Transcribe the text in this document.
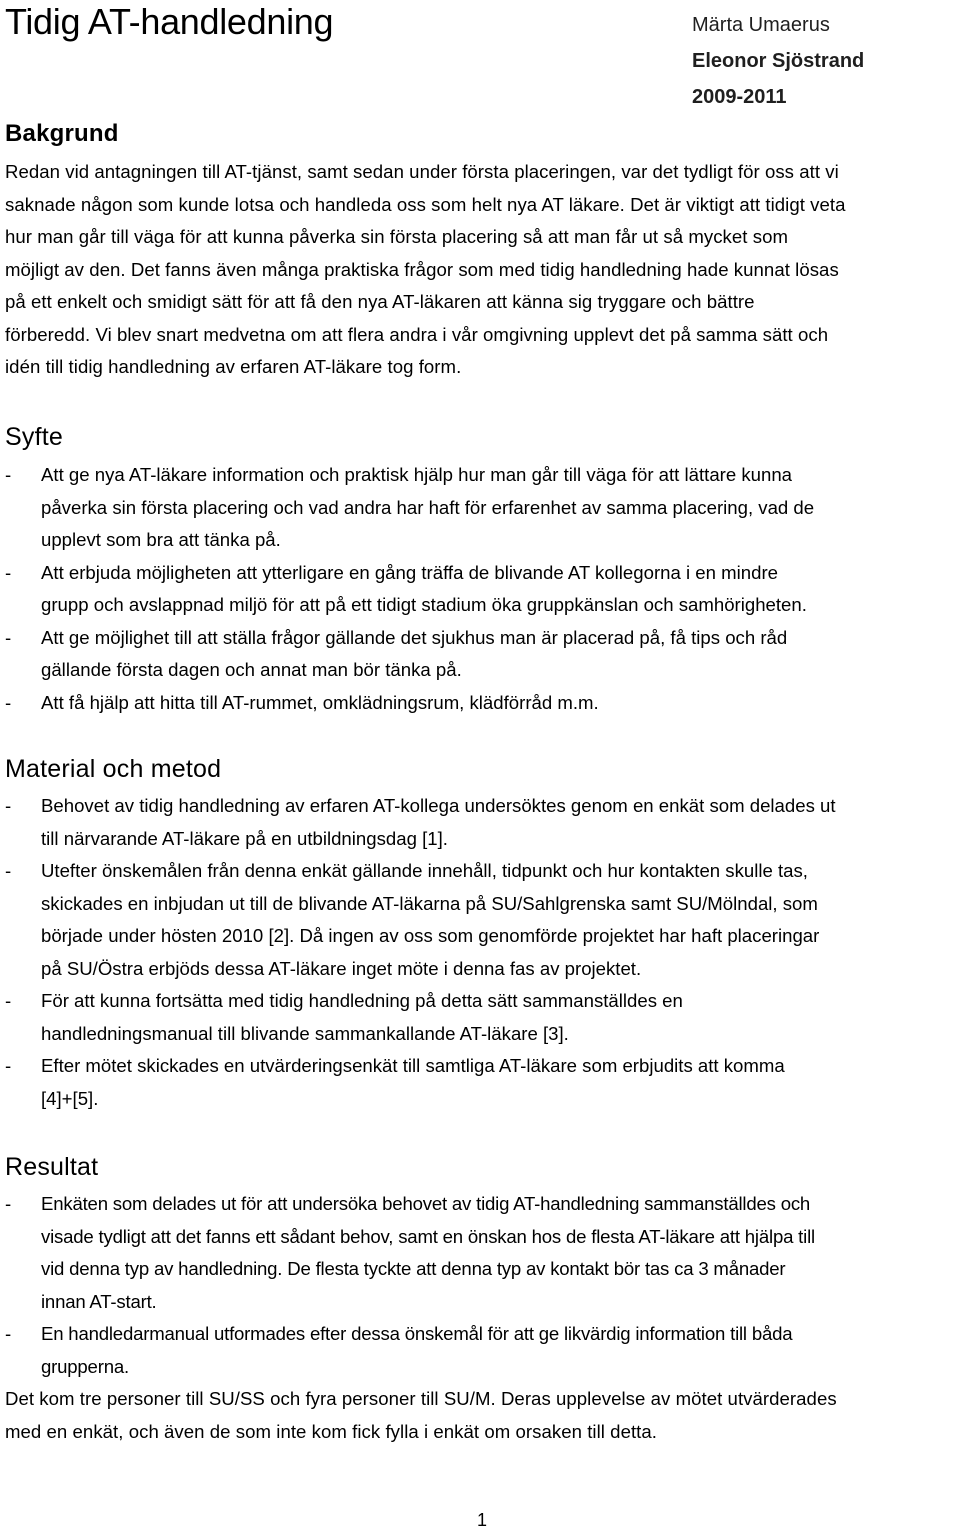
Tidig AT-handledning	Märta Umaerus
Eleonor Sjöstrand
2009-2011
Bakgrund

Redan vid antagningen till AT-tjänst, samt sedan under första placeringen, var det tydligt för oss att vi
saknade någon som kunde lotsa och handleda oss som helt nya AT läkare. Det är viktigt att tidigt veta
hur man går till väga för att kunna påverka sin första placering så att man får ut så mycket som
möjligt av den. Det fanns även många praktiska frågor som med tidig handledning hade kunnat lösas
på ett enkelt och smidigt sätt för att få den nya AT-läkaren att känna sig tryggare och bättre
förberedd. Vi blev snart medvetna om att flera andra i vår omgivning upplevt det på samma sätt och
idén till tidig handledning av erfaren AT-läkare tog form.

Syfte
- Att ge nya AT-läkare information och praktisk hjälp hur man går till väga för att lättare kunna
påverka sin första placering och vad andra har haft för erfarenhet av samma placering, vad de
upplevt som bra att tänka på.
- Att erbjuda möjligheten att ytterligare en gång träffa de blivande AT kollegorna i en mindre
grupp och avslappnad miljö för att på ett tidigt stadium öka gruppkänslan och samhörigheten.
- Att ge möjlighet till att ställa frågor gällande det sjukhus man är placerad på, få tips och råd
gällande första dagen och annat man bör tänka på.
- Att få hjälp att hitta till AT-rummet, omklädningsrum, klädförråd m.m.
Material och metod
- Behovet av tidig handledning av erfaren AT-kollega undersöktes genom en enkät som delades ut
till närvarande AT-läkare på en utbildningsdag [1].
- Utefter önskemålen från denna enkät gällande innehåll, tidpunkt och hur kontakten skulle tas,
skickades en inbjudan ut till de blivande AT-läkarna på SU/Sahlgrenska samt SU/Mölndal, som
började under hösten 2010 [2]. Då ingen av oss som genomförde projektet har haft placeringar
på SU/Östra erbjöds dessa AT-läkare inget möte i denna fas av projektet.
- För att kunna fortsätta med tidig handledning på detta sätt sammanställdes en
handledningsmanual till blivande sammankallande AT-läkare [3].
- Efter mötet skickades en utvärderingsenkät till samtliga AT-läkare som erbjudits att komma
[4]+[5].
Resultat
- Enkäten som delades ut för att undersöka behovet av tidig AT-handledning sammanställdes och
visade tydligt att det fanns ett sådant behov, samt en önskan hos de flesta AT-läkare att hjälpa till
vid denna typ av handledning. De flesta tyckte att denna typ av kontakt bör tas ca 3 månader
innan AT-start.
- En handledarmanual utformades efter dessa önskemål för att ge likvärdig information till båda
grupperna.

Det kom tre personer till SU/SS och fyra personer till SU/M. Deras upplevelse av mötet utvärderades
med en enkät, och även de som inte kom fick fylla i enkät om orsaken till detta.

1
